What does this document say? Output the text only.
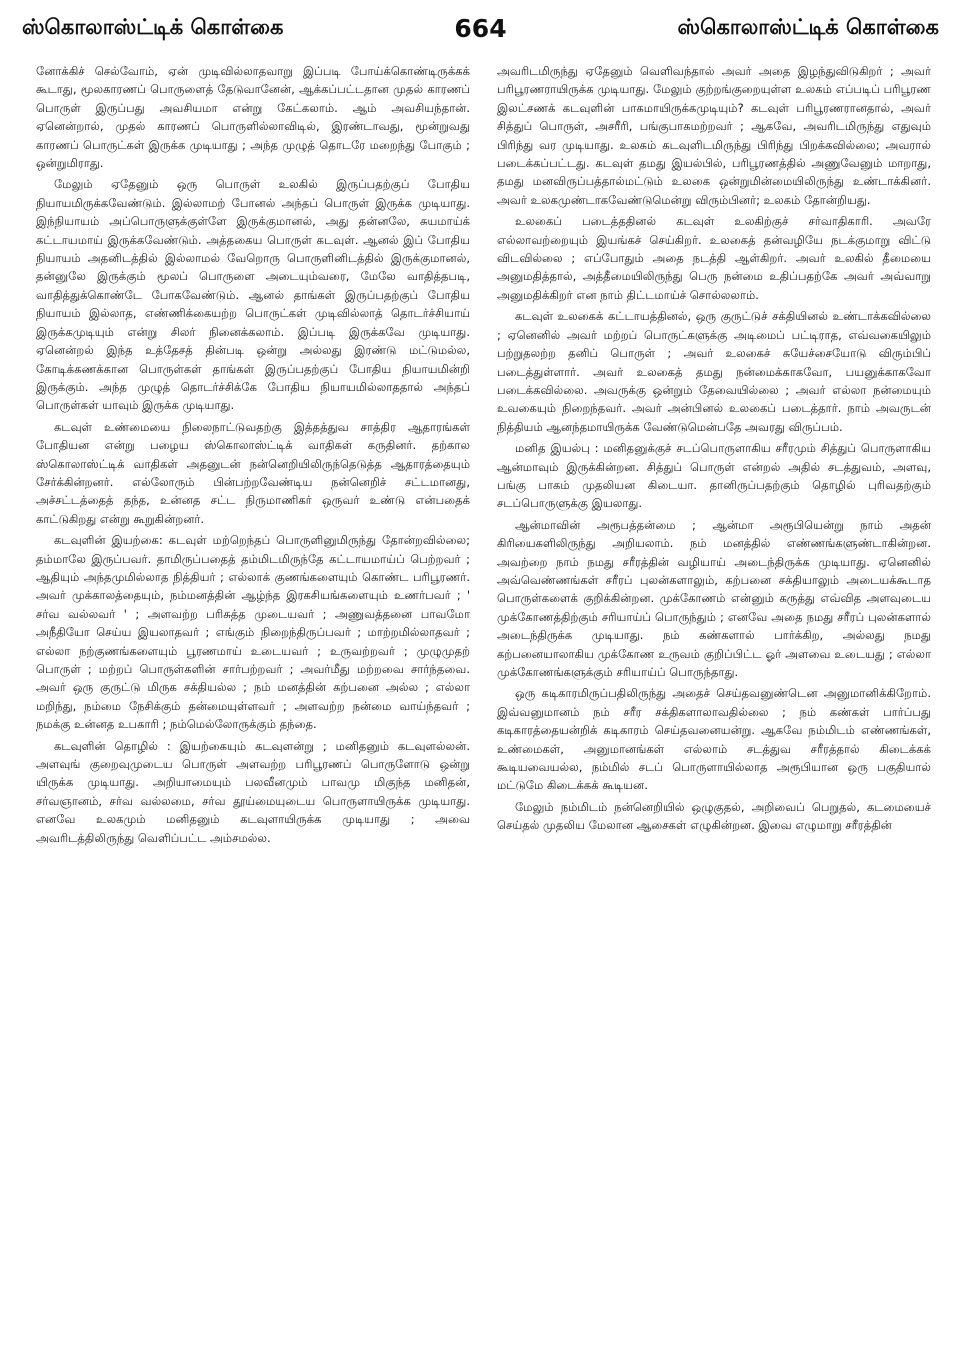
ஸ்கொலாஸ்ட்டிக் கொள்கை	664	ஸ்கொலாஸ்ட்டிக் கொள்கை

னோக்கிச் செல்வோம், ஏன் முடிவில்லாதவாறு இப்படி போய்க்கொண்டிருக்கக் கூடாது, மூலகாரணப் பொருளைத் தேடுவானேன், ஆக்கப்பட்டதான முதல் காரணப் பொருள் இருப்பது அவசியமா என்று கேட்கலாம். ஆம் அவசியந்தான். ஏனென்றால், முதல் காரணப் பொருளில்லாவிடில், இரண்டாவது, மூன்றுவது காரணப் பொருட்கள் இருக்க முடியாது ; அந்த முழுத் தொடரே மறைந்து போகும் ; ஒன்றுமிராது.

மேலும் ஏதேனும் ஒரு பொருள் உலகில் இருப்பதற்குப் போதிய நியாயமிருக்கவேண்டும். இல்லாமற் போனல் அந்தப் பொருள் இருக்க முடியாது. இந்நியாயம் அப்பொருளுக்குள்ளே இருக்குமானல், அது தன்னலே, சுயமாய்க் கட்டாயமாய் இருக்கவேண்டும். அத்தகைய பொருள் கடவுள். ஆனல் இப் போதிய நியாயம் அதனிடத்தில் இல்லாமல் வேறொரு பொருளினிடத்தில் இருக்குமானல், தன்னுலே இருக்கும் மூலப் பொருளை அடையும்வரை, மேலே வாதித்தபடி, வாதித்துக்கொண்டே போகவேண்டும். ஆனல் தாங்கள் இருப்பதற்குப் போதிய நியாயம் இல்லாத, எண்ணிக்கையற்ற பொருட்கள் முடிவில்லாத் தொடர்ச்சியாய் இருக்கமுடியும் என்று சிலர் நினைக்கலாம். இப்படி இருக்கவே முடியாது. ஏனென்றல் இந்த உத்தேசத் தின்படி ஒன்று அல்லது இரண்டு மட்டுமல்ல, கோடிக்கணக்கான பொருள்கள் தாங்கள் இருப்பதற்குப் போதிய நியாயமின்றி இருக்கும். அந்த முழுத் தொடர்ச்சிக்கே போதிய நியாயமில்லாததால் அந்தப் பொருள்கள் யாவும் இருக்க முடியாது.

கடவுள் உண்மையை நிலைநாட்டுவதற்கு இத்தத்துவ சாத்திர ஆதாரங்கள் போதியன என்று பழைய ஸ்கொலாஸ்ட்டிக் வாதிகள் கருதினர். தற்கால ஸ்கொலாஸ்ட்டிக் வாதிகள் அதனுடன் நன்னெறியிலிருந்தெடுத்த ஆதாரத்தையும் சேர்க்கின்றனர். எல்லோரும் பின்பற்றவேண்டிய நன்னெறிச் சட்டமானது, அச்சட்டத்தைத் தந்த, உன்னத சட்ட நிருமாணிகர் ஒருவர் உண்டு என்பதைக் காட்டுகிறது என்று கூறுகின்றனர்.

கடவுளின் இயற்கை: கடவுள் மற்றெந்தப் பொருளினுமிருந்து தோன்றவில்லை; தம்மாலே இருப்பவர். தாமிருப்பதைத் தம்மிடமிருந்தே கட்டாயமாய்ப் பெற்றவர் ; ஆதியும் அந்தமுமில்லாத நித்தியர் ; எல்லாக் குணங்களையும் கொண்ட பரிபூரணர். அவர் முக்காலத்தையும், நம்மனத்தின் ஆழ்ந்த இரகசியங்களையும் உணர்பவர் ; ' சர்வ வல்லவர் ' ; அளவற்ற பரிசுத்த முடையவர் ; அணுவத்தனை பாவமோ அநீதியோ செய்ய இயலாதவர் ; எங்கும் நிறைந்திருப்பவர் ; மாற்றமில்லாதவர் ; எல்லா நற்குணங்களையும் பூரணமாய் உடையவர் ; உருவற்றவர் ; முழுமுதற் பொருள் ; மற்றப் பொருள்களின் சார்பற்றவர் ; அவர்மீது மற்றவை சார்ந்தவை. அவர் ஒரு குருட்டு மிருக சக்தியல்ல ; நம் மனத்தின் கற்பனை அல்ல ; எல்லா மறிந்து, நம்மை நேசிக்கும் தன்மையுள்ளவர் ; அளவற்ற நன்மை வாய்ந்தவர் ; நமக்கு உன்னத உபகாரி ; நம்மெல்லோருக்கும் தந்தை.

கடவுளின் தொழில் : இயற்கையும் கடவுளன்று ; மனிதனும் கடவுளல்லன். அளவுங் குறைவுமுடைய பொருள் அளவற்ற பரிபூரணப் பொருளோடு ஒன்று யிருக்க முடியாது. அறியாமையும் பலவீனமும் பாவமு மிகுந்த மனிதன், சர்வஞானம், சர்வ வல்லமை, சர்வ தூய்மையுடைய பொருளாயிருக்க முடியாது. எனவே உலகமும் மனிதனும் கடவுளாயிருக்க முடியாது ; அவை அவரிடத்திலிருந்து வெளிப்பட்ட அம்சமல்ல.

அவரிடமிருந்து ஏதேனும் வெளிவந்தால் அவர் அதை இழந்துவிடுகிறர் ; அவர் பரிபூரணராயிருக்க முடியாது. மேலும் குற்றங்குறையுள்ள உலகம் எப்படிப் பரிபூரண இலட்சணக் கடவுளின் பாகமாயிருக்கமுடியும்? கடவுள் பரிபூரணரானதால், அவர் சித்துப் பொருள், அசரீரி, பங்குபாகமற்றவர் ; ஆகவே, அவரிடமிருந்து எதுவும் பிரிந்து வர முடியாது. உலகம் கடவுளிடமிருந்து பிரிந்து பிறக்கவில்லை; அவரால் படைக்கப்பட்டது. கடவுள் தமது இயல்பில், பரிபூரணத்தில் அணுவேனும் மாறாது, தமது மனவிருப்பத்தால்மட்டும் உலகை ஒன்றுமின்மையிலிருந்து உண்டாக்கினர். அவர் உலகமுண்டாகவேண்டுமென்று விரும்பினர்; உலகம் தோன்றியது.

உலகைப் படைத்ததினல் கடவுள் உலகிற்குச் சர்வாதிகாரி. அவரே எல்லாவற்றையும் இயங்கச் செய்கிறர். உலகைத் தன்வழியே நடக்குமாறு விட்டு விடவில்லை ; எப்போதும் அதை நடத்தி ஆள்கிறர். அவர் உலகில் தீமையை அனுமதித்தால், அத்தீமையிலிருந்து பெரு நன்மை உதிப்பதற்கே அவர் அவ்வாறு அனுமதிக்கிறர் என நாம் திட்டமாய்ச் சொல்லலாம்.

கடவுள் உலகைக் கட்டாயத்தினல், ஒரு குருட்டுச் சக்தியினல் உண்டாக்கவில்லை ; ஏனெனில் அவர் மற்றப் பொருட்களுக்கு அடிமைப் பட்டிராத, எவ்வகையிலும் பற்றுதலற்ற தனிப் பொருள் ; அவர் உலகைச் சுயேச்சையோடு விரும்பிப் படைத்துள்ளார். அவர் உலகைத் தமது நன்மைக்காகவோ, பயனுக்காகவோ படைக்கவில்லை. அவருக்கு ஒன்றும் தேவையில்லை ; அவர் எல்லா நன்மையும் உவகையும் நிறைந்தவர். அவர் அன்பினல் உலகைப் படைத்தார். நாம் அவருடன் நித்தியம் ஆனந்தமாயிருக்க வேண்டுமென்பதே அவரது விருப்பம்.

மனித இயல்பு : மனிதனுக்குச் சடப்பொருளாகிய சரீரமும் சித்துப் பொருளாகிய ஆன்மாவும் இருக்கின்றன. சித்துப் பொருள் என்றல் அதில் சடத்துவம், அளவு, பங்கு பாகம் முதலியன கிடையா. தானிருப்பதற்கும் தொழில் புரிவதற்கும் சடப்பொருளுக்கு இயலாது.

ஆன்மாவின் அரூபத்தன்மை ; ஆன்மா அரூபியென்று நாம் அதன் கிரியைகளிலிருந்து அறியலாம். நம் மனத்தில் எண்ணங்களுண்டாகின்றன. அவற்றை நாம் நமது சரீரத்தின் வழியாய் அடைந்திருக்க முடியாது. ஏனெனில் அவ்வெண்ணங்கள் சரீரப் புலன்களாலும், கற்பனை சக்தியாலும் அடையக்கூடாத பொருள்களைக் குறிக்கின்றன. முக்கோணம் என்னும் கருத்து எவ்வித அளவுடைய முக்கோணத்திற்கும் சரியாய்ப் பொருந்தும் ; எனவே அதை நமது சரீரப் புலன்களால் அடைந்திருக்க முடியாது. நம் கண்களால் பார்க்கிற, அல்லது நமது கற்பனையாலாகிய முக்கோண உருவம் குறிப்பிட்ட ஓர் அளவை உடையது ; எல்லா முக்கோணங்களுக்கும் சரியாய்ப் பொருந்தாது.

ஒரு கடிகாரமிருப்பதிலிருந்து அதைச் செய்தவனுண்டென அனுமானிக்கிறோம். இவ்வனுமானம் நம் சரீர சக்திகளாலாவதில்லை ; நம் கண்கள் பார்ப்பது கடிகாரத்தையன்றிக் கடிகாரம் செய்தவனையன்று. ஆகவே நம்மிடம் எண்ணங்கள், உண்மைகள், அனுமானங்கள் எல்லாம் சடத்துவ சரீரத்தால் கிடைக்கக் கூடியவையல்ல, நம்மில் சடப் பொருளாயில்லாத அரூபியான ஒரு பகுதியால் மட்டுமே கிடைக்கக் கூடியன.

மேலும் நம்மிடம் நன்னெறியில் ஒழுகுதல், அறிவைப் பெறுதல், கடமையைச் செய்தல் முதலிய மேலான ஆசைகள் எழுகின்றன. இவை எழுமாறு சரீரத்தின்
